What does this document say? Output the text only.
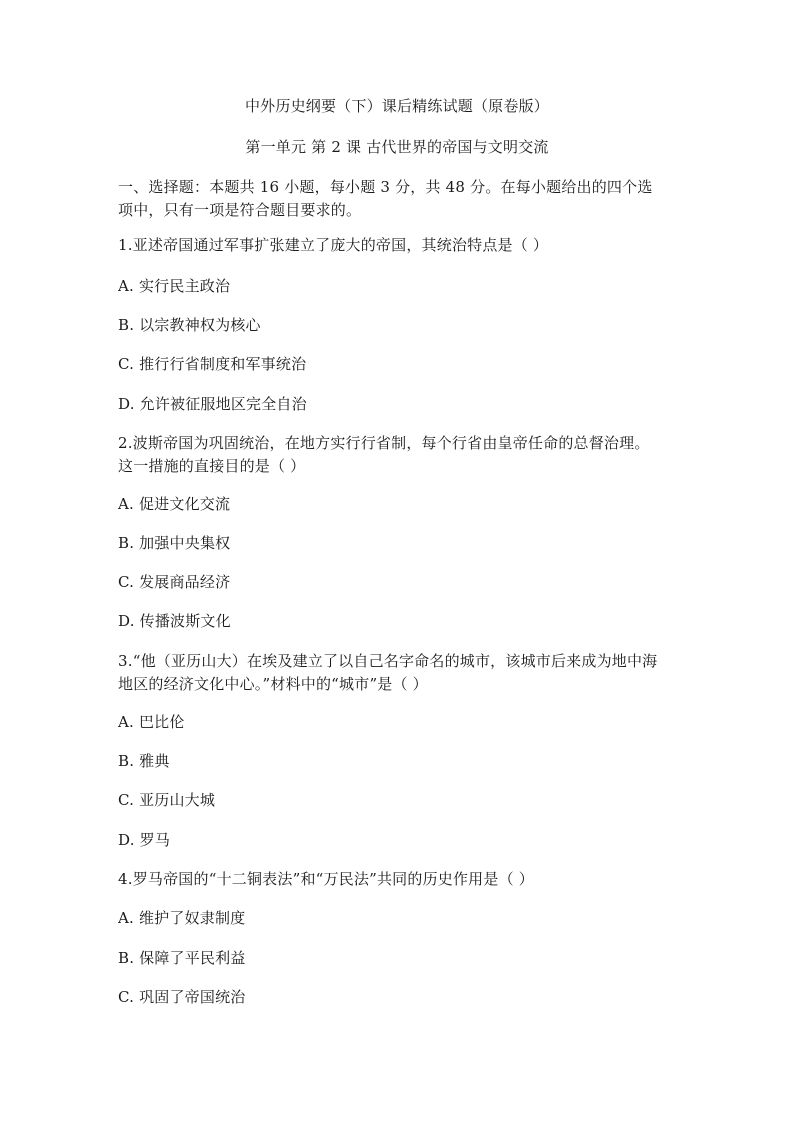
中外历史纲要（下）课后精练试题（原卷版）
第一单元 第 2 课 古代世界的帝国与文明交流
一、选择题：本题共 16 小题，每小题 3 分，共 48 分。在每小题给出的四个选项中，只有一项是符合题目要求的。
1.亚述帝国通过军事扩张建立了庞大的帝国，其统治特点是（ ）
A. 实行民主政治
B. 以宗教神权为核心
C. 推行行省制度和军事统治
D. 允许被征服地区完全自治
2.波斯帝国为巩固统治，在地方实行行省制，每个行省由皇帝任命的总督治理。这一措施的直接目的是（ ）
A. 促进文化交流
B. 加强中央集权
C. 发展商品经济
D. 传播波斯文化
3.“他（亚历山大）在埃及建立了以自己名字命名的城市，该城市后来成为地中海地区的经济文化中心。”材料中的“城市”是（ ）
A. 巴比伦
B. 雅典
C. 亚历山大城
D. 罗马
4.罗马帝国的“十二铜表法”和“万民法”共同的历史作用是（ ）
A. 维护了奴隶制度
B. 保障了平民利益
C. 巩固了帝国统治
